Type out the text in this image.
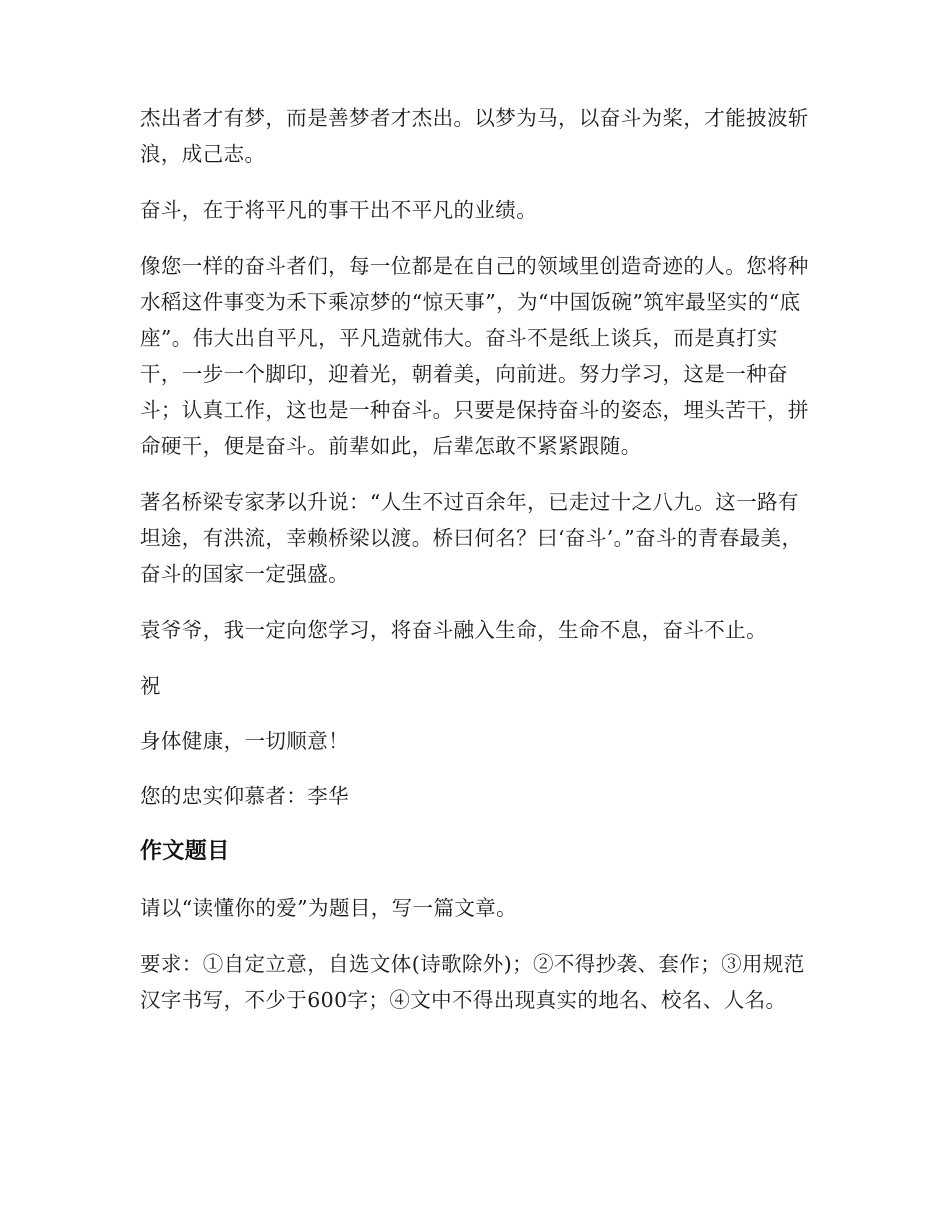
杰出者才有梦，而是善梦者才杰出。以梦为马，以奋斗为桨，才能披波斩浪，成己志。

奋斗，在于将平凡的事干出不平凡的业绩。

像您一样的奋斗者们，每一位都是在自己的领域里创造奇迹的人。您将种水稻这件事变为禾下乘凉梦的“惊天事”，为“中国饭碗”筑牢最坚实的“底座”。伟大出自平凡，平凡造就伟大。奋斗不是纸上谈兵，而是真打实干，一步一个脚印，迎着光，朝着美，向前进。努力学习，这是一种奋斗；认真工作，这也是一种奋斗。只要是保持奋斗的姿态，埋头苦干，拼命硬干，便是奋斗。前辈如此，后辈怎敢不紧紧跟随。

著名桥梁专家茅以升说：“人生不过百余年，已走过十之八九。这一路有坦途，有洪流，幸赖桥梁以渡。桥曰何名？曰‘奋斗’。”奋斗的青春最美，奋斗的国家一定强盛。

袁爷爷，我一定向您学习，将奋斗融入生命，生命不息，奋斗不止。

祝

身体健康，一切顺意！

您的忠实仰慕者：李华

作文题目

请以“读懂你的爱”为题目，写一篇文章。

要求：①自定立意，自选文体(诗歌除外)；②不得抄袭、套作；③用规范汉字书写，不少于600字；④文中不得出现真实的地名、校名、人名。
